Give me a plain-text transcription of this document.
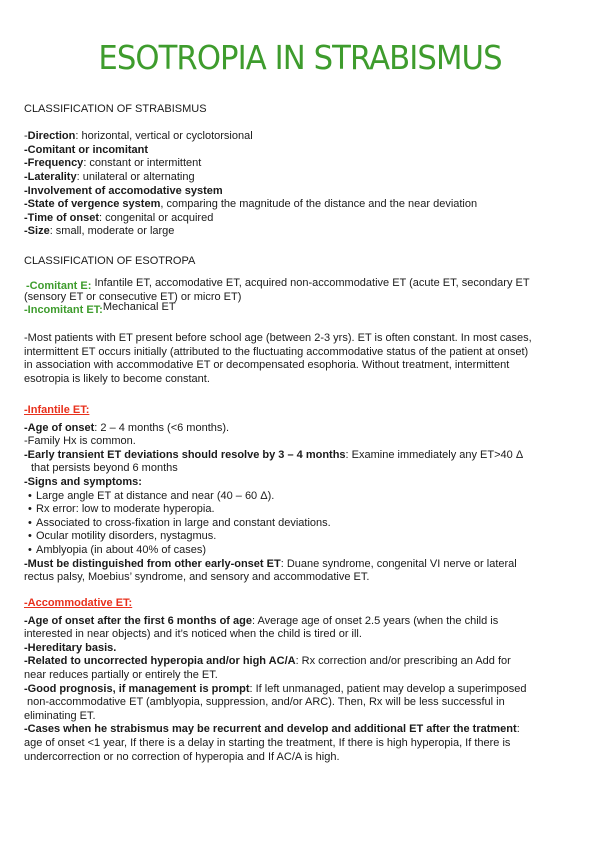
ESOTROPIA IN STRABISMUS
CLASSIFICATION OF STRABISMUS
-Direction: horizontal, vertical or cyclotorsional
-Comitant or incomitant
-Frequency: constant or intermittent
-Laterality: unilateral or alternating
-Involvement of accomodative system
-State of vergence system, comparing the magnitude of the distance and the near deviation
-Time of onset: congenital or acquired
-Size: small, moderate or large
CLASSIFICATION OF ESOTROPA
-Comitant E: Infantile ET, accomodative ET, acquired non-accommodative ET (acute ET, secondary ET
(sensory ET or consecutive ET) or micro ET)
-Incomitant ET:Mechanical ET
-Most patients with ET present before school age (between 2-3 yrs). ET is often constant. In most cases,
intermittent ET occurs initially (attributed to the fluctuating accommodative status of the patient at onset)
in association with accommodative ET or decompensated esophoria. Without treatment, intermittent
esotropia is likely to become constant.
-Infantile ET:
-Age of onset: 2 – 4 months (<6 months).
-Family Hx is common.
-Early transient ET deviations should resolve by 3 – 4 months: Examine immediately any ET>40 Δ
that persists beyond 6 months
-Signs and symptoms:
• Large angle ET at distance and near (40 – 60 Δ).
• Rx error: low to moderate hyperopia.
• Associated to cross-fixation in large and constant deviations.
• Ocular motility disorders, nystagmus.
• Amblyopia (in about 40% of cases)
-Must be distinguished from other early-onset ET: Duane syndrome, congenital VI nerve or lateral
rectus palsy, Moebius’ syndrome, and sensory and accommodative ET.
-Accommodative ET:
-Age of onset after the first 6 months of age: Average age of onset 2.5 years (when the child is
interested in near objects) and it’s noticed when the child is tired or ill.
-Hereditary basis.
-Related to uncorrected hyperopia and/or high AC/A: Rx correction and/or prescribing an Add for
near reduces partially or entirely the ET.
-Good prognosis, if management is prompt: If left unmanaged, patient may develop a superimposed
non-accommodative ET (amblyopia, suppression, and/or ARC). Then, Rx will be less successful in
eliminating ET.
-Cases when he strabismus may be recurrent and develop and additional ET after the tratment:
age of onset <1 year, If there is a delay in starting the treatment, If there is high hyperopia, If there is
undercorrection or no correction of hyperopia and If AC/A is high.
